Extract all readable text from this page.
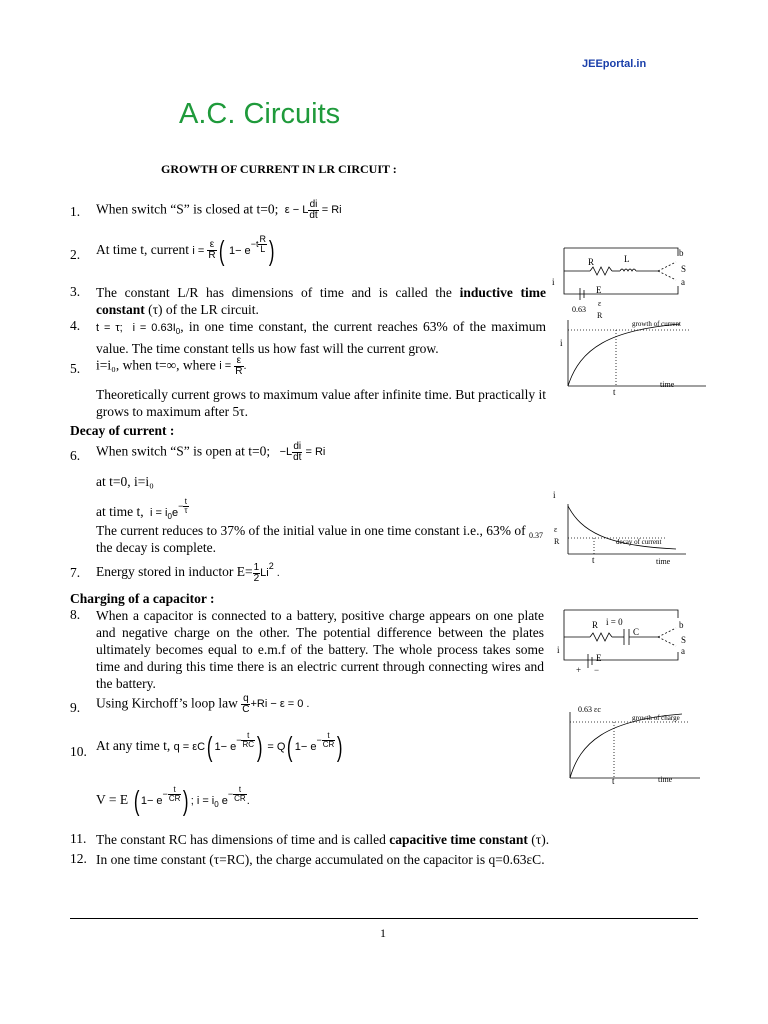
JEEportal.in
A.C. Circuits
GROWTH OF CURRENT IN LR CIRCUIT :
1. When switch “S” is closed at t=0;  ε − L $\frac{di}{dt} = Ri$
2. At time t, current $i = \frac{\varepsilon}{R}$ ( $1- e^{-t \frac{R}{L}}$ )
3. The constant L/R has dimensions of time and is called the inductive time constant (τ) of the LR circuit.
4. t = τ;  $i = 0.63I_0$, in one time constant, the current reaches 63% of the maximum value. The time constant tells us how fast will the current grow.
5. i=i₀, when t=∞, where $i = \frac{\varepsilon}{R}$ .
Theoretically current grows to maximum value after infinite time. But practically it grows to maximum after 5τ.
Decay of current :
6. When switch “S” is open at t=0;   $-L \frac{di}{dt} = Ri$
at t=0, i=i₀
at time t,  $i = i_0e^{- \frac{t}{\tau}}$
The current reduces to 37% of the initial value in one time constant i.e., 63% of the decay is complete.
7. Energy stored in inductor $E= \frac{1}{2} Li^2$ .
Charging of a capacitor :
8. When a capacitor is connected to a battery, positive charge appears on one plate and negative charge on the other. The potential difference between the plates ultimately becomes equal to e.m.f of the battery. The whole process takes some time and during this time there is an electric current through connecting wires and the battery.
9. Using Kirchoff’s loop law $\frac{q}{C} +Ri - \varepsilon = 0$ .
10. At any time t, q = εC( $1- e^{- \frac{t}{RC}}$ ) = Q( $1- e^{- \frac{t}{CR}}$ )
V = E ( $1- e^{- \frac{t}{CR}}$ ) ; $i = i_0$ $e^{- \frac{t}{CR}}$ .
11. The constant RC has dimensions of time and is called capacitive time constant (τ).
12. In one time constant (τ=RC), the charge accumulated on the capacitor is q=0.63εC.
R	L
b
S
a
i
E
0.63
ε
R
growth of current
i
t
time
i
0.37
ε
R	decay of current
t	time
R i = 0
C
b
S
a
i
E
+ −
0.63 εc
growth of charge
t	time
1
